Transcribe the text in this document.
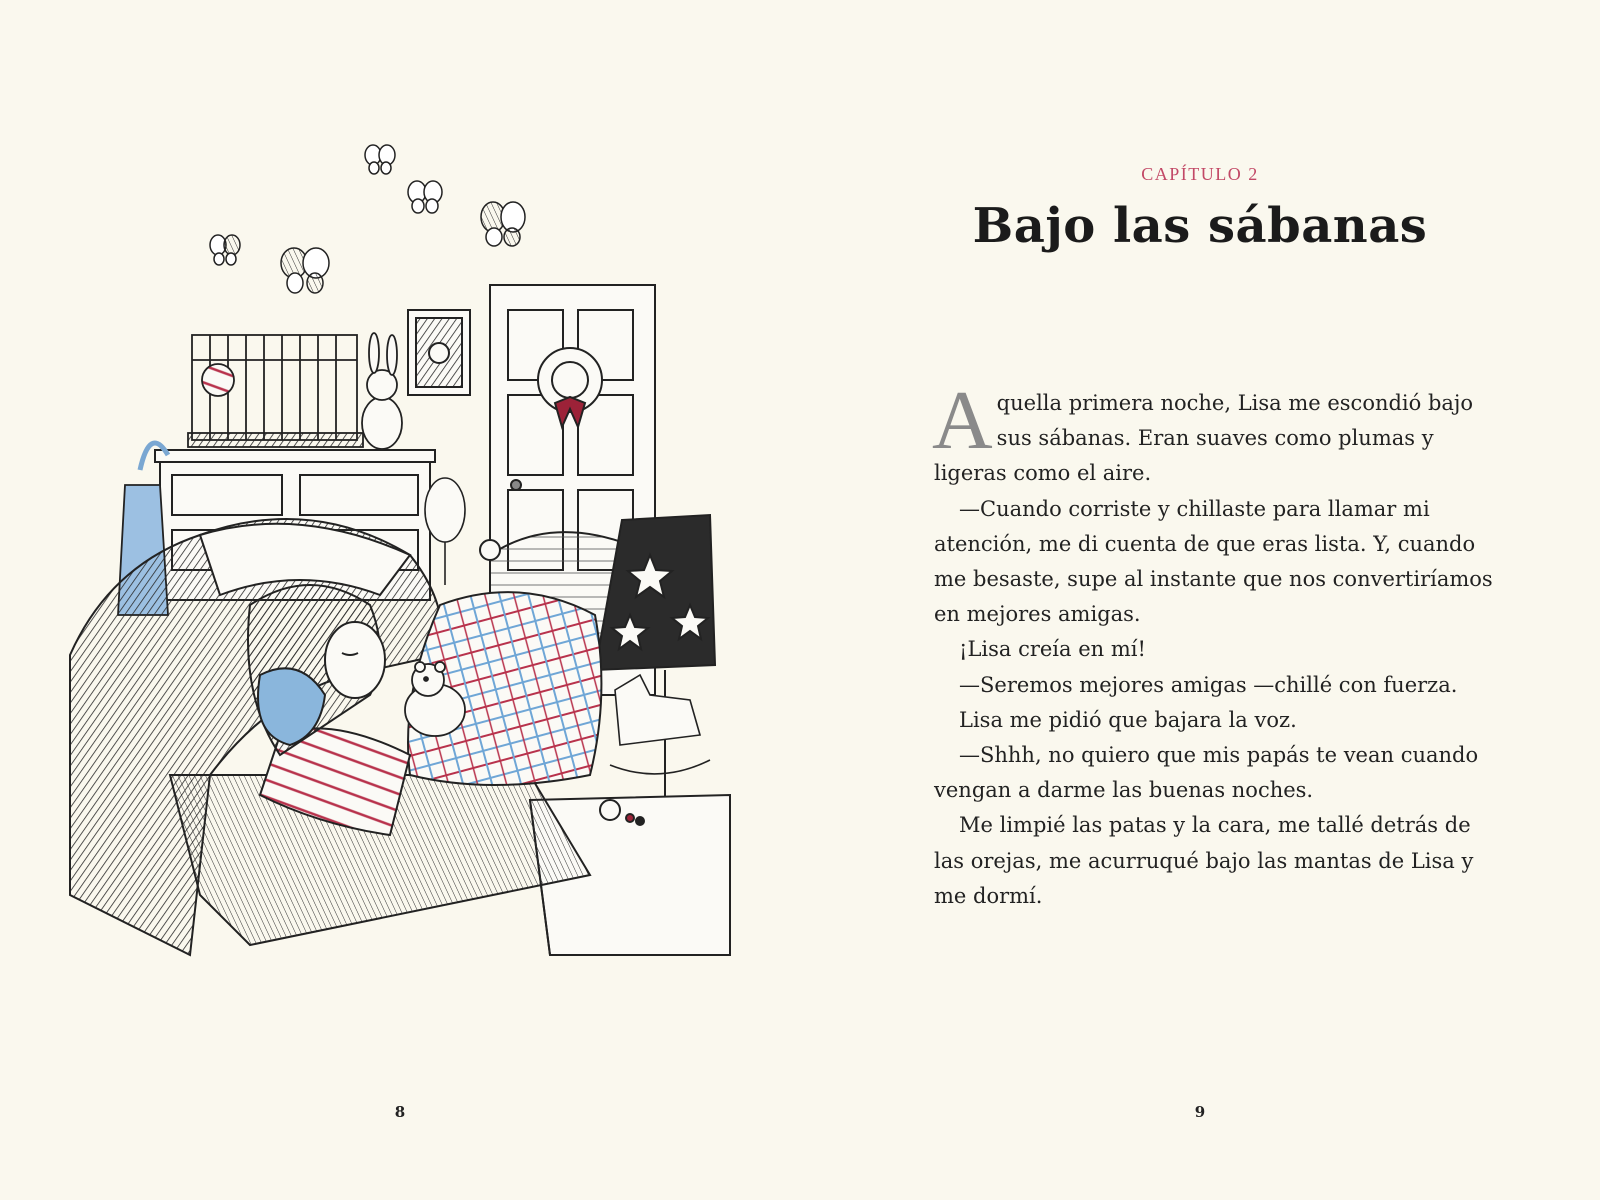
8
CAPÍTULO 2
Bajo las sábanas

Aquella primera noche, Lisa me escondió bajo sus sábanas. Eran suaves como plumas y ligeras como el aire.

—Cuando corriste y chillaste para llamar mi atención, me di cuenta de que eras lista. Y, cuando me besaste, supe al instante que nos convertiríamos en mejores amigas.

¡Lisa creía en mí!

—Seremos mejores amigas —chillé con fuerza.

Lisa me pidió que bajara la voz.

—Shhh, no quiero que mis papás te vean cuando vengan a darme las buenas noches.

Me limpié las patas y la cara, me tallé detrás de las orejas, me acurruqué bajo las mantas de Lisa y me dormí.

9
